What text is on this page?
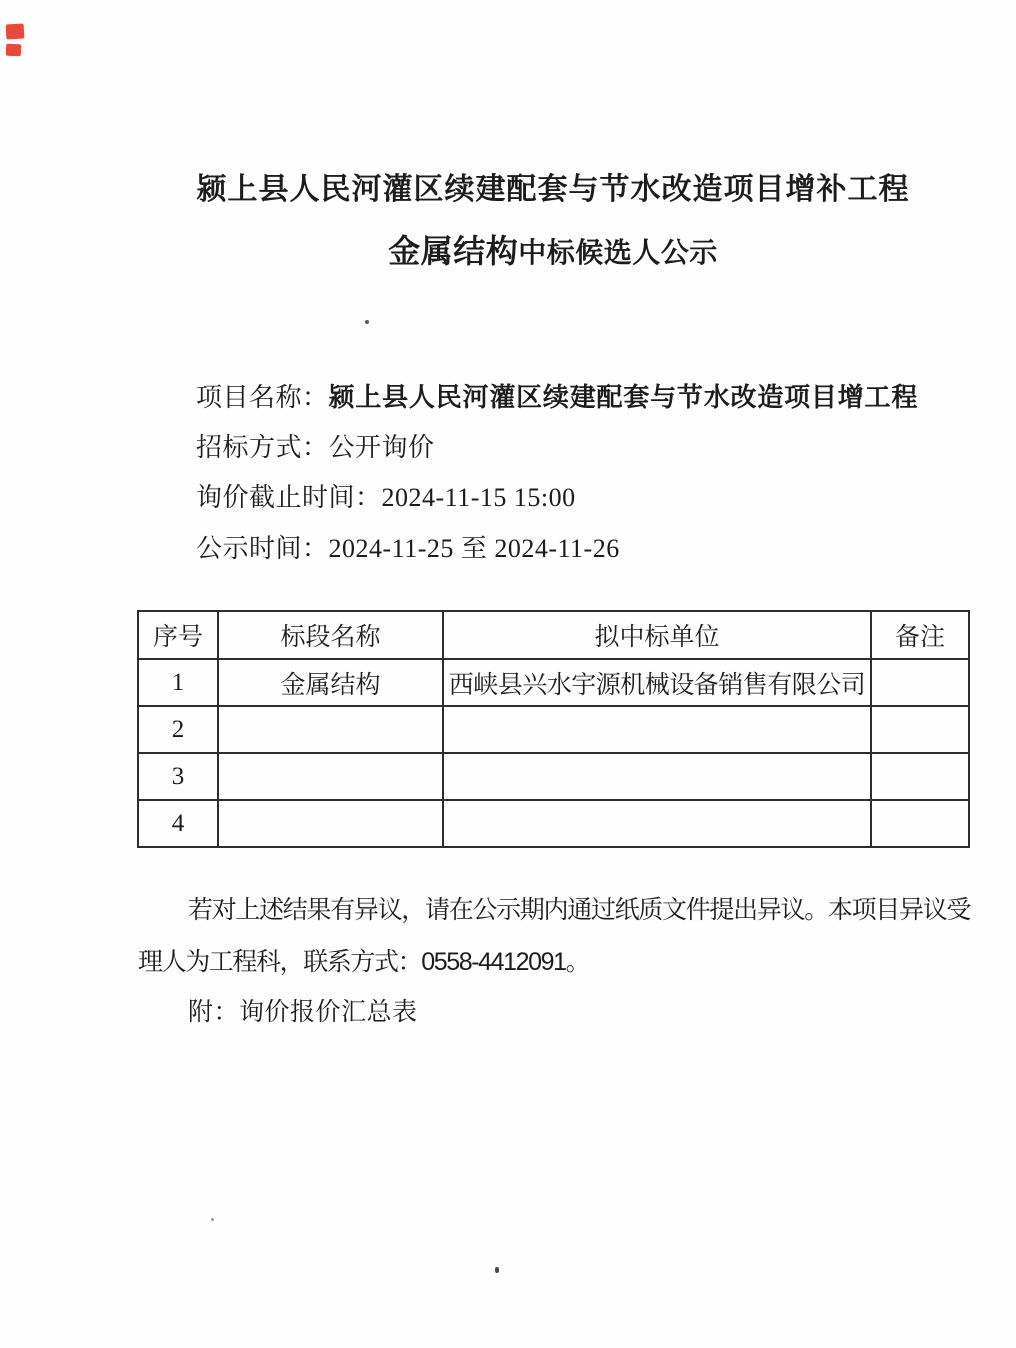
颍上县人民河灌区续建配套与节水改造项目增补工程
金属结构中标候选人公示
项目名称：颍上县人民河灌区续建配套与节水改造项目增工程
招标方式：公开询价
询价截止时间：2024-11-15 15:00
公示时间：2024-11-25 至 2024-11-26
序号	标段名称	拟中标单位	备注
1	金属结构	西峡县兴水宇源机械设备销售有限公司	
2			
3			
4			
若对上述结果有异议，请在公示期内通过纸质文件提出异议。本项目异议受理人为工程科，联系方式：0558-4412091。
附：询价报价汇总表
